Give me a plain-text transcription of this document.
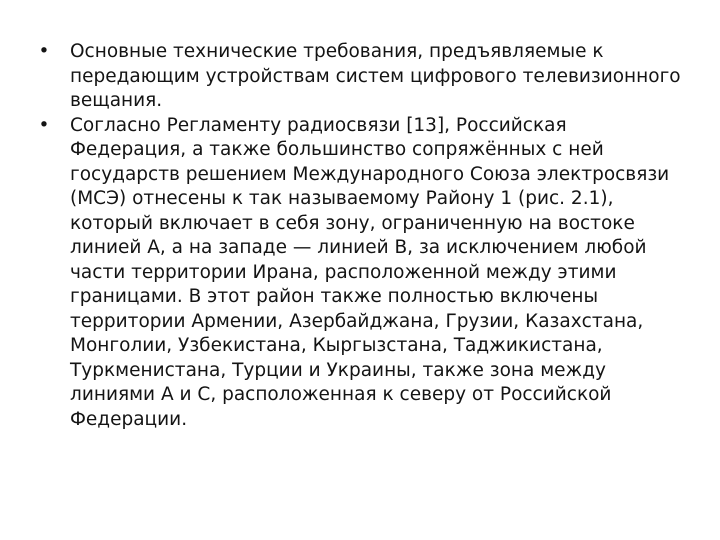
• Основные технические требования, предъявляемые к передающим устройствам систем цифрового телевизионного вещания.
• Согласно Регламенту радиосвязи [13], Российская Федерация, а также большинство сопряжённых с ней государств решением Международного Союза электросвязи (МСЭ) отнесены к так называемому Району 1 (рис. 2.1), который включает в себя зону, ограниченную на востоке линией А, а на западе — линией В, за исключением любой части территории Ирана, расположенной между этими границами. В этот район также полностью включены территории Армении, Азербайджана, Грузии, Казахстана, Монголии, Узбекистана, Кыргызстана, Таджикистана, Туркменистана, Турции и Украины, также зона между линиями А и С, расположенная к северу от Российской Федерации.
